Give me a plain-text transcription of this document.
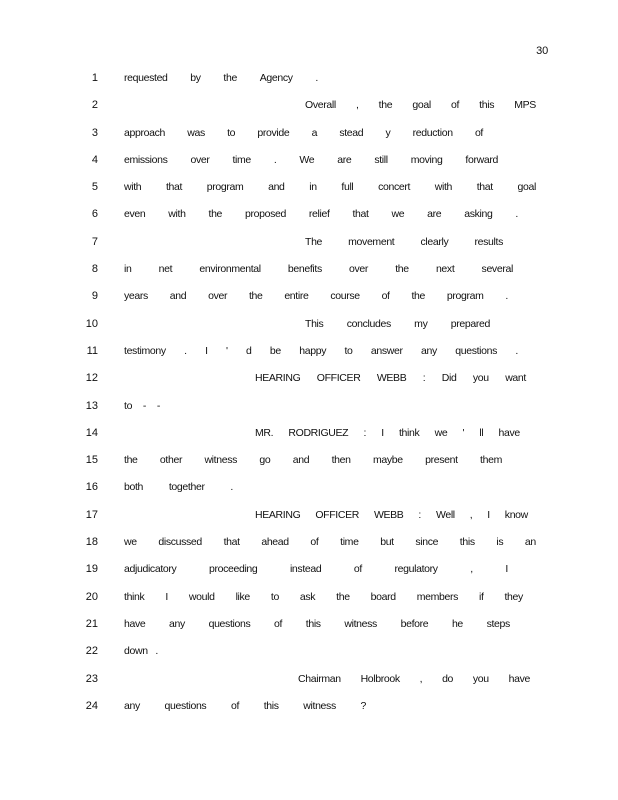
30
1 requested by the Agency .
2	Overall , the goal of this MPS
3 approach was to provide a stead y reduction of
4 emissions over time . We are still moving forward
5 with that program and in full concert with that goal
6 even with the proposed relief that we are asking .
7	The movement clearly results
8 in	net	environmental	benefits	over	the	next	several
9 years and over the entire course of the program .
10	This concludes my prepared
11 testimony . I ' d be happy to answer any questions .
12	HEARING OFFICER WEBB : Did you want
13 to - -
14	MR. RODRIGUEZ : I think we ' ll have
15 the other witness go and then maybe present them
16 both together .
17	HEARING OFFICER WEBB : Well , I know
18 we discussed that ahead of time but since this is an
19 adjudicatory	proceeding	instead	of	regulatory	,	I
20 think I would like to ask the board members if they
21 have any questions of this witness before he steps
22 down .
23	Chairman Holbrook , do you have
24 any questions of this witness ?
